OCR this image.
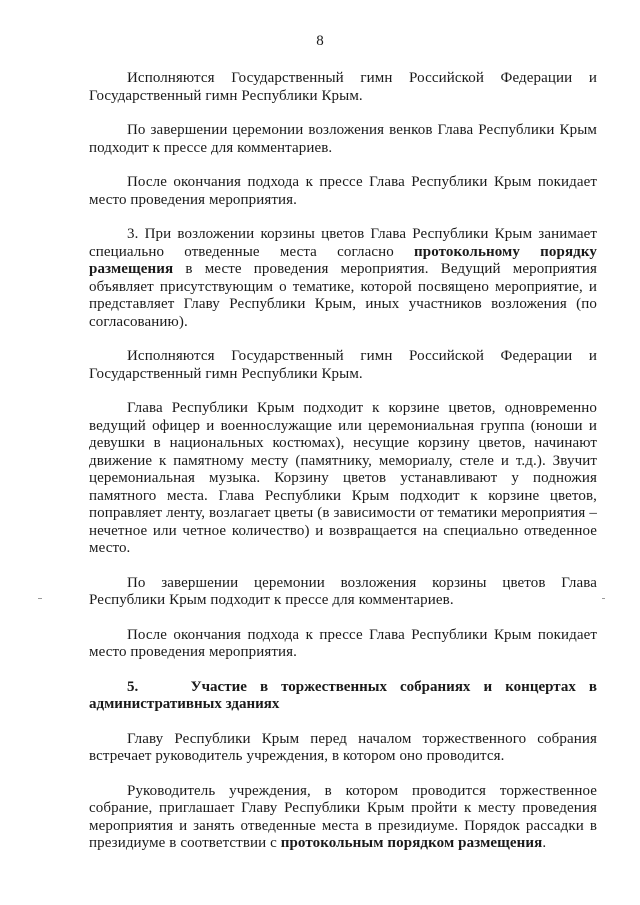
8

Исполняются Государственный гимн Российской Федерации и Государственный гимн Республики Крым.

По завершении церемонии возложения венков Глава Республики Крым подходит к прессе для комментариев.

После окончания подхода к прессе Глава Республики Крым покидает место проведения мероприятия.

3. При возложении корзины цветов Глава Республики Крым занимает специально отведенные места согласно протокольному порядку размещения в месте проведения мероприятия. Ведущий мероприятия объявляет присутствующим о тематике, которой посвящено мероприятие, и представляет Главу Республики Крым, иных участников возложения (по согласованию).

Исполняются Государственный гимн Российской Федерации и Государственный гимн Республики Крым.

Глава Республики Крым подходит к корзине цветов, одновременно ведущий офицер и военнослужащие или церемониальная группа (юноши и девушки в национальных костюмах), несущие корзину цветов, начинают движение к памятному месту (памятнику, мемориалу, стеле и т.д.). Звучит церемониальная музыка. Корзину цветов устанавливают у подножия памятного места. Глава Республики Крым подходит к корзине цветов, поправляет ленту, возлагает цветы (в зависимости от тематики мероприятия – нечетное или четное количество) и возвращается на специально отведенное место.

По завершении церемонии возложения корзины цветов Глава Республики Крым подходит к прессе для комментариев.

После окончания подхода к прессе Глава Республики Крым покидает место проведения мероприятия.

5.	Участие в торжественных собраниях и концертах в административных зданиях

Главу Республики Крым перед началом торжественного собрания встречает руководитель учреждения, в котором оно проводится.

Руководитель учреждения, в котором проводится торжественное собрание, приглашает Главу Республики Крым пройти к месту проведения мероприятия и занять отведенные места в президиуме. Порядок рассадки в президиуме в соответствии с протокольным порядком размещения.
